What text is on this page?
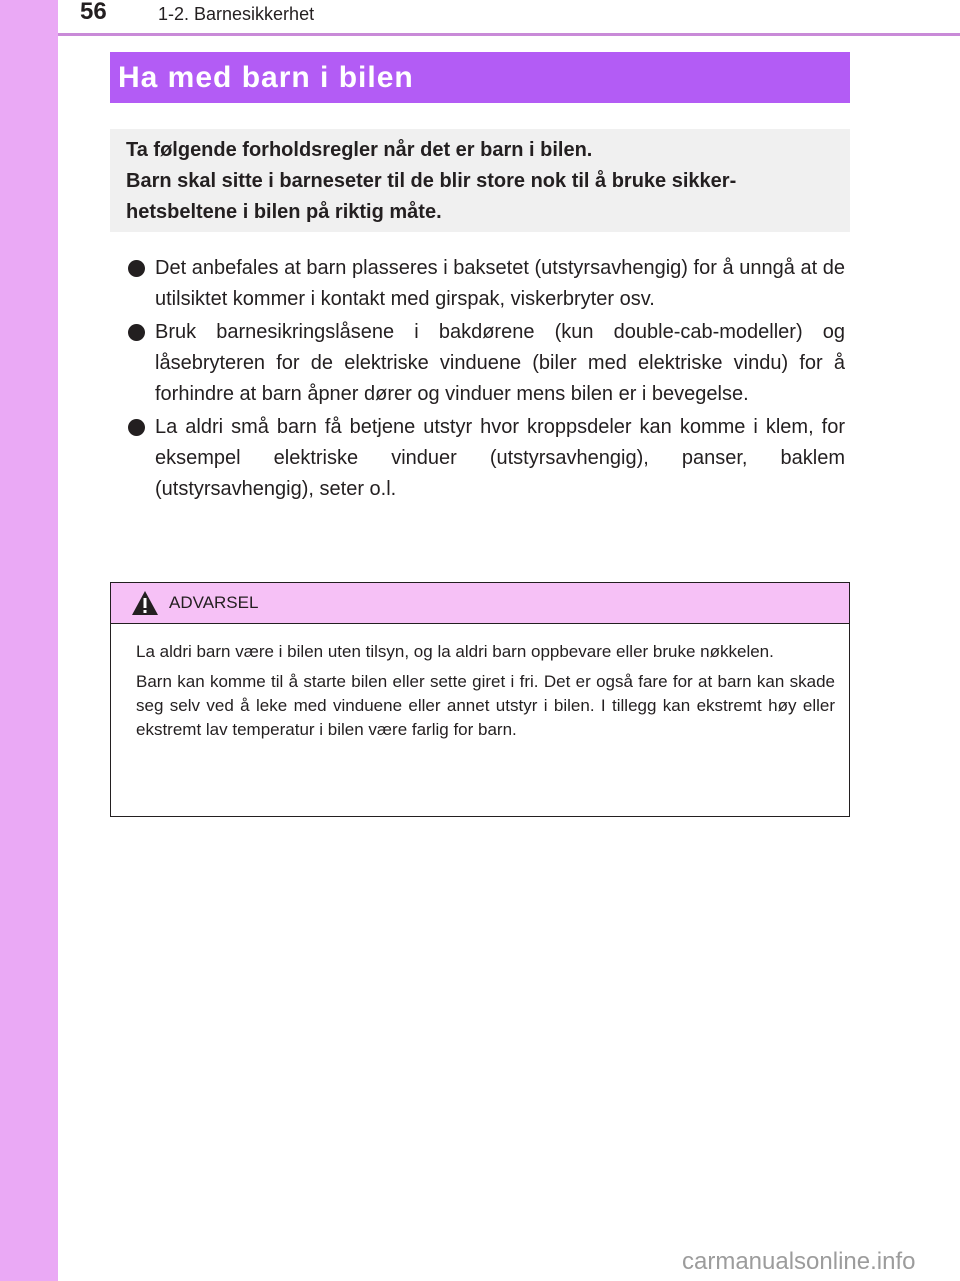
56	1-2. Barnesikkerhet
Ha med barn i bilen

Ta følgende forholdsregler når det er barn i bilen.

Barn skal sitte i barneseter til de blir store nok til å bruke sikker-hetsbeltene i bilen på riktig måte.

Det anbefales at barn plasseres i baksetet (utstyrsavhengig) for å unngå at de utilsiktet kommer i kontakt med girspak, viskerbryter osv.
Bruk barnesikringslåsene i bakdørene (kun double-cab-modeller) og låsebryteren for de elektriske vinduene (biler med elektriske vindu) for å forhindre at barn åpner dører og vinduer mens bilen er i bevegelse.
La aldri små barn få betjene utstyr hvor kroppsdeler kan komme i klem, for eksempel elektriske vinduer (utstyrsavhengig), panser, baklem (utstyrsavhengig), seter o.l.
ADVARSEL

La aldri barn være i bilen uten tilsyn, og la aldri barn oppbevare eller bruke nøkkelen.

Barn kan komme til å starte bilen eller sette giret i fri. Det er også fare for at barn kan skade seg selv ved å leke med vinduene eller annet utstyr i bilen. I tillegg kan ekstremt høy eller ekstremt lav temperatur i bilen være farlig for barn.

carmanualsonline.info
